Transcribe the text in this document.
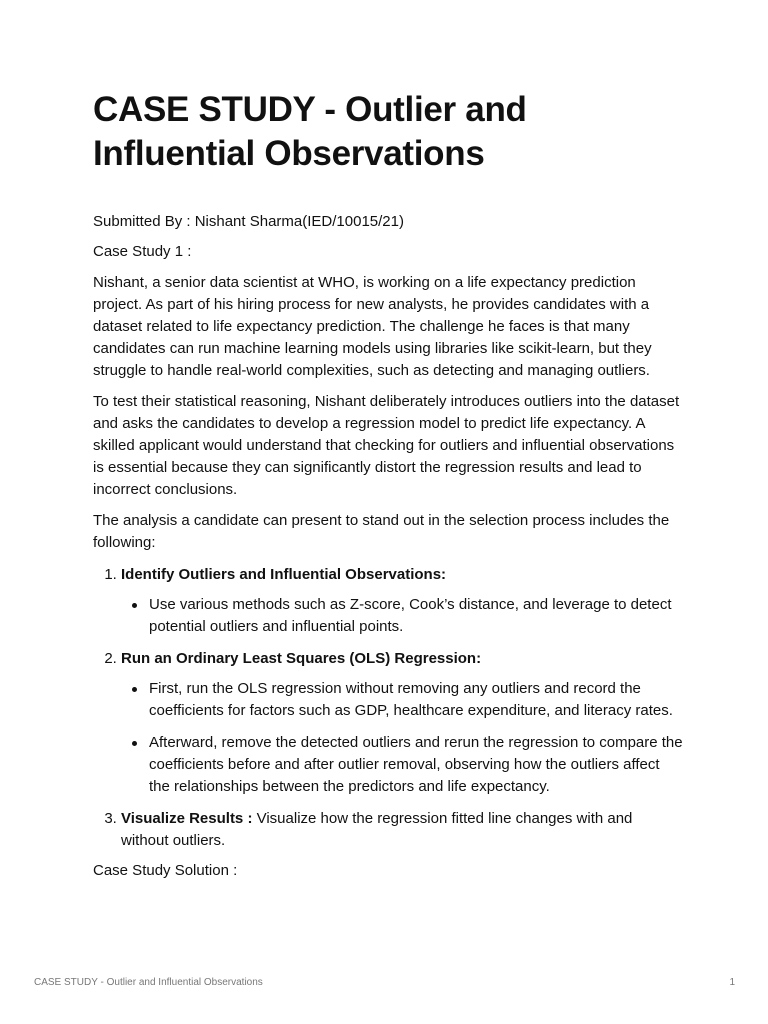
CASE STUDY - Outlier and Influential Observations
Submitted By : Nishant Sharma(IED/10015/21)
Case Study 1 :

Nishant, a senior data scientist at WHO, is working on a life expectancy prediction project. As part of his hiring process for new analysts, he provides candidates with a dataset related to life expectancy prediction. The challenge he faces is that many candidates can run machine learning models using libraries like scikit-learn, but they struggle to handle real-world complexities, such as detecting and managing outliers.

To test their statistical reasoning, Nishant deliberately introduces outliers into the dataset and asks the candidates to develop a regression model to predict life expectancy. A skilled applicant would understand that checking for outliers and influential observations is essential because they can significantly distort the regression results and lead to incorrect conclusions.

The analysis a candidate can present to stand out in the selection process includes the following:

1. Identify Outliers and Influential Observations:
Use various methods such as Z-score, Cook’s distance, and leverage to detect potential outliers and influential points.
2. Run an Ordinary Least Squares (OLS) Regression:
First, run the OLS regression without removing any outliers and record the coefficients for factors such as GDP, healthcare expenditure, and literacy rates.
Afterward, remove the detected outliers and rerun the regression to compare the coefficients before and after outlier removal, observing how the outliers affect the relationships between the predictors and life expectancy.
3. Visualize Results : Visualize how the regression fitted line changes with and without outliers.
Case Study Solution :
CASE STUDY - Outlier and Influential Observations	1
